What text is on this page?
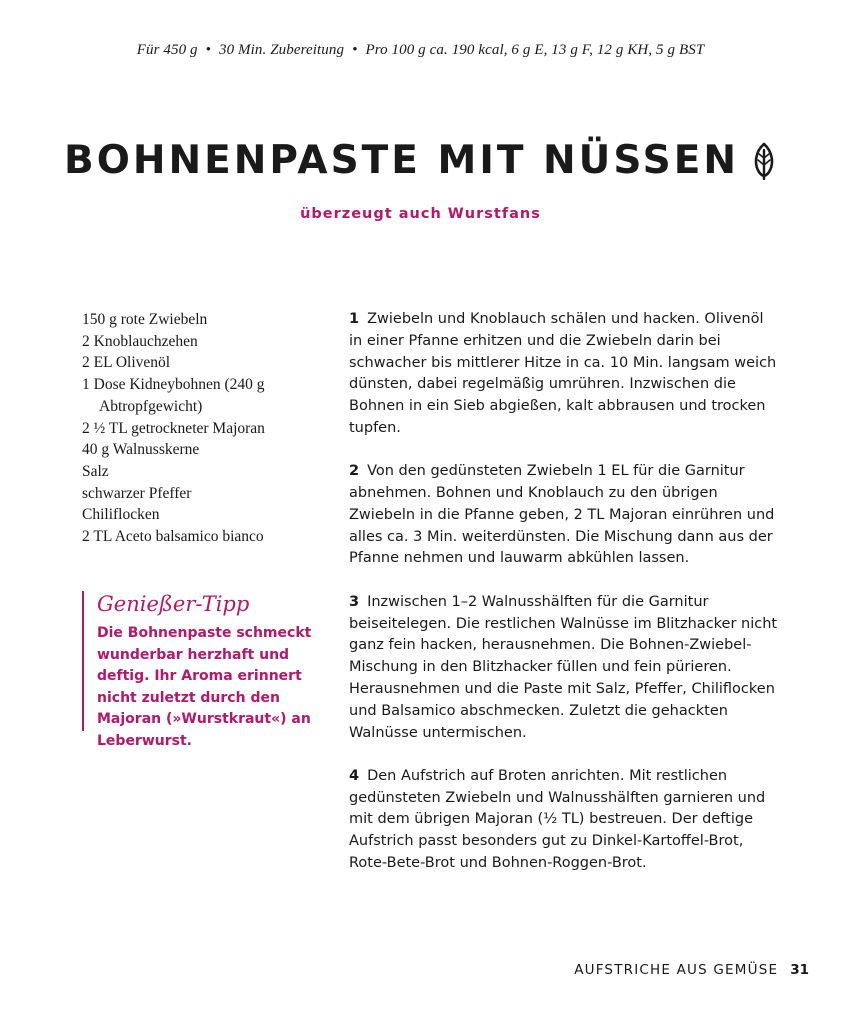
Für 450 g • 30 Min. Zubereitung • Pro 100 g ca. 190 kcal, 6 g E, 13 g F, 12 g KH, 5 g BST
BOHNENPASTE MIT NÜSSEN
überzeugt auch Wurstfans
150 g rote Zwiebeln
2 Knoblauchzehen
2 EL Olivenöl
1 Dose Kidneybohnen (240 g Abtropfgewicht)
2 ½ TL getrockneter Majoran
40 g Walnusskerne
Salz
schwarzer Pfeffer
Chiliflocken
2 TL Aceto balsamico bianco

Genießer-Tipp

Die Bohnenpaste schmeckt wunderbar herzhaft und deftig. Ihr Aroma erinnert nicht zuletzt durch den Majoran (»Wurstkraut«) an Leberwurst.

1 Zwiebeln und Knoblauch schälen und hacken. Olivenöl in einer Pfanne erhitzen und die Zwiebeln darin bei schwacher bis mittlerer Hitze in ca. 10 Min. langsam weich dünsten, dabei regelmäßig umrühren. Inzwischen die Bohnen in ein Sieb abgießen, kalt abbrausen und trocken tupfen.

2 Von den gedünsteten Zwiebeln 1 EL für die Garnitur abnehmen. Bohnen und Knoblauch zu den übrigen Zwiebeln in die Pfanne geben, 2 TL Majoran einrühren und alles ca. 3 Min. weiterdünsten. Die Mischung dann aus der Pfanne nehmen und lauwarm abkühlen lassen.

3 Inzwischen 1–2 Walnusshälften für die Garnitur beiseitelegen. Die restlichen Walnüsse im Blitzhacker nicht ganz fein hacken, herausnehmen. Die Bohnen-Zwiebel-Mischung in den Blitzhacker füllen und fein pürieren. Herausnehmen und die Paste mit Salz, Pfeffer, Chiliflocken und Balsamico abschmecken. Zuletzt die gehackten Walnüsse untermischen.

4 Den Aufstrich auf Broten anrichten. Mit restlichen gedünsteten Zwiebeln und Walnusshälften garnieren und mit dem übrigen Majoran (½ TL) bestreuen. Der deftige Aufstrich passt besonders gut zu Dinkel-Kartoffel-Brot, Rote-Bete-Brot und Bohnen-Roggen-Brot.

AUFSTRICHE AUS GEMÜSE 31
